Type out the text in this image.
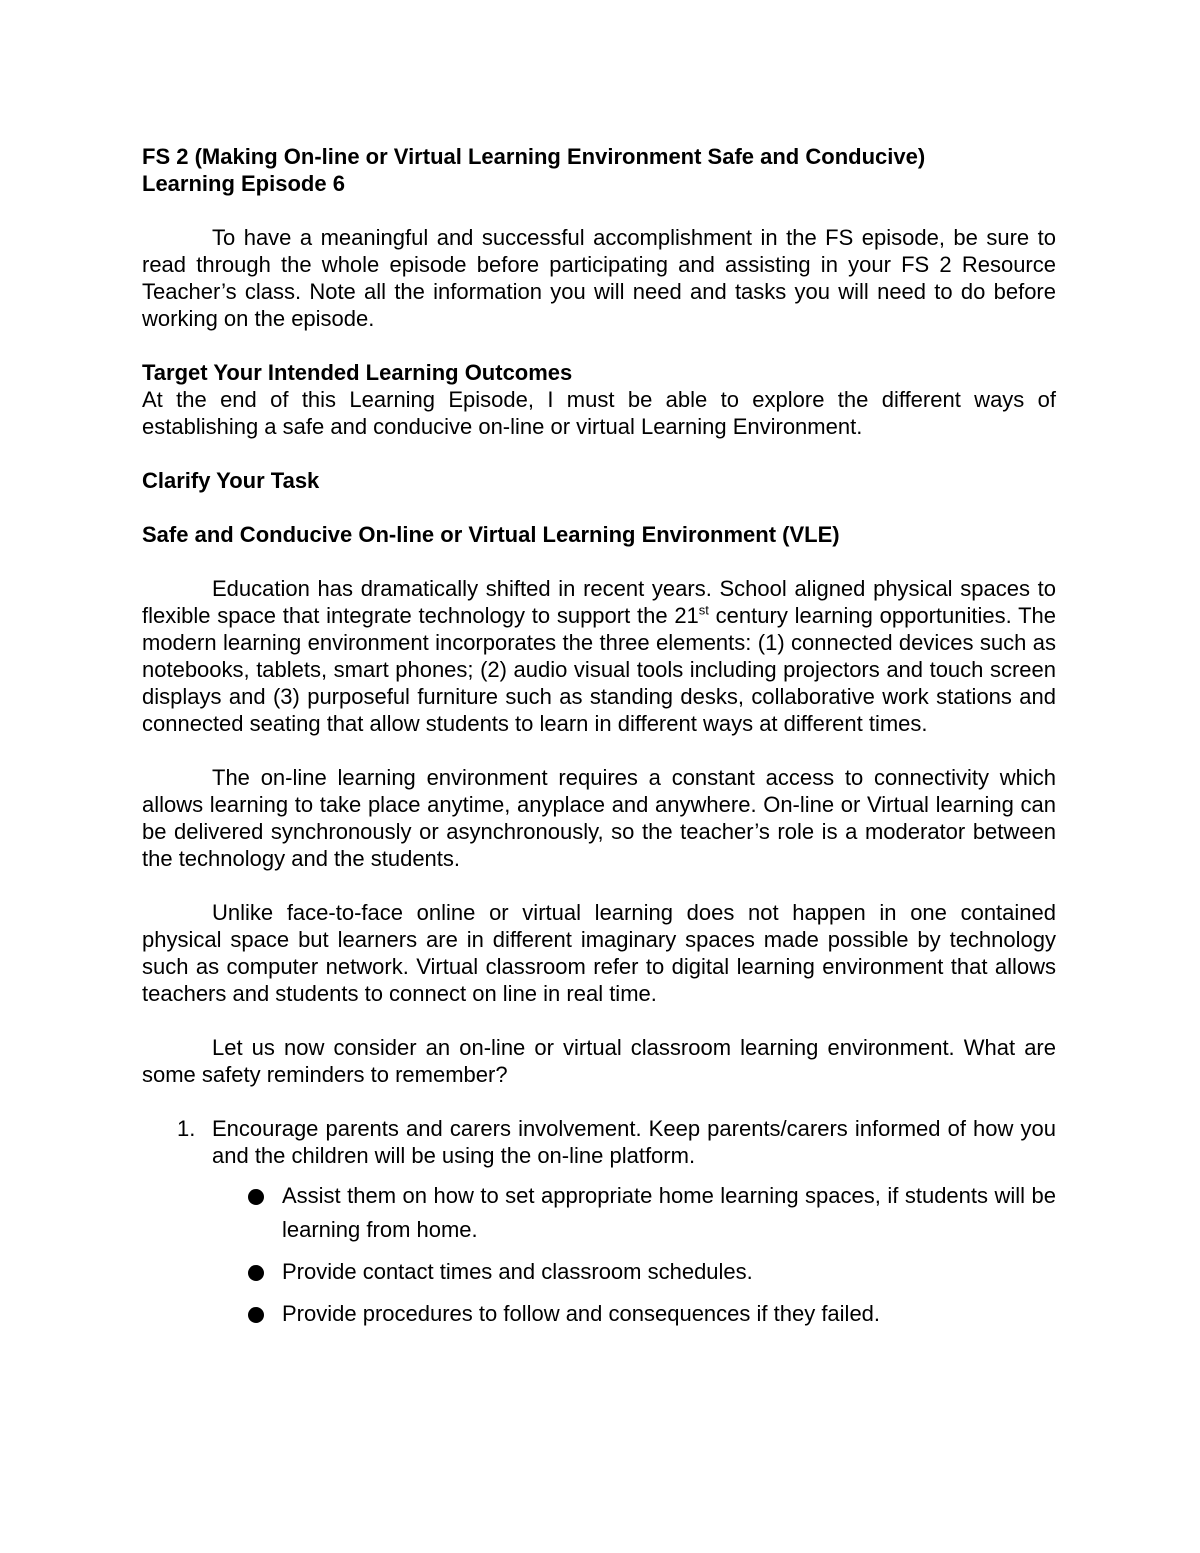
FS 2 (Making On-line or Virtual Learning Environment Safe and Conducive)
Learning Episode 6

To have a meaningful and successful accomplishment in the FS episode, be sure to read through the whole episode before participating and assisting in your FS 2 Resource Teacher’s class. Note all the information you will need and tasks you will need to do before working on the episode.

Target Your Intended Learning Outcomes
At the end of this Learning Episode, I must be able to explore the different ways of establishing a safe and conducive on-line or virtual Learning Environment.
Clarify Your Task
Safe and Conducive On-line or Virtual Learning Environment (VLE)

Education has dramatically shifted in recent years. School aligned physical spaces to flexible space that integrate technology to support the 21st century learning opportunities. The modern learning environment incorporates the three elements: (1) connected devices such as notebooks, tablets, smart phones; (2) audio visual tools including projectors and touch screen displays and (3) purposeful furniture such as standing desks, collaborative work stations and connected seating that allow students to learn in different ways at different times.

The on-line learning environment requires a constant access to connectivity which allows learning to take place anytime, anyplace and anywhere. On-line or Virtual learning can be delivered synchronously or asynchronously, so the teacher’s role is a moderator between the technology and the students.

Unlike face-to-face online or virtual learning does not happen in one contained physical space but learners are in different imaginary spaces made possible by technology such as computer network. Virtual classroom refer to digital learning environment that allows teachers and students to connect on line in real time.

Let us now consider an on-line or virtual classroom learning environment. What are some safety reminders to remember?

1. Encourage parents and carers involvement. Keep parents/carers informed of how you and the children will be using the on-line platform.
Assist them on how to set appropriate home learning spaces, if students will be learning from home.
Provide contact times and classroom schedules.
Provide procedures to follow and consequences if they failed.
